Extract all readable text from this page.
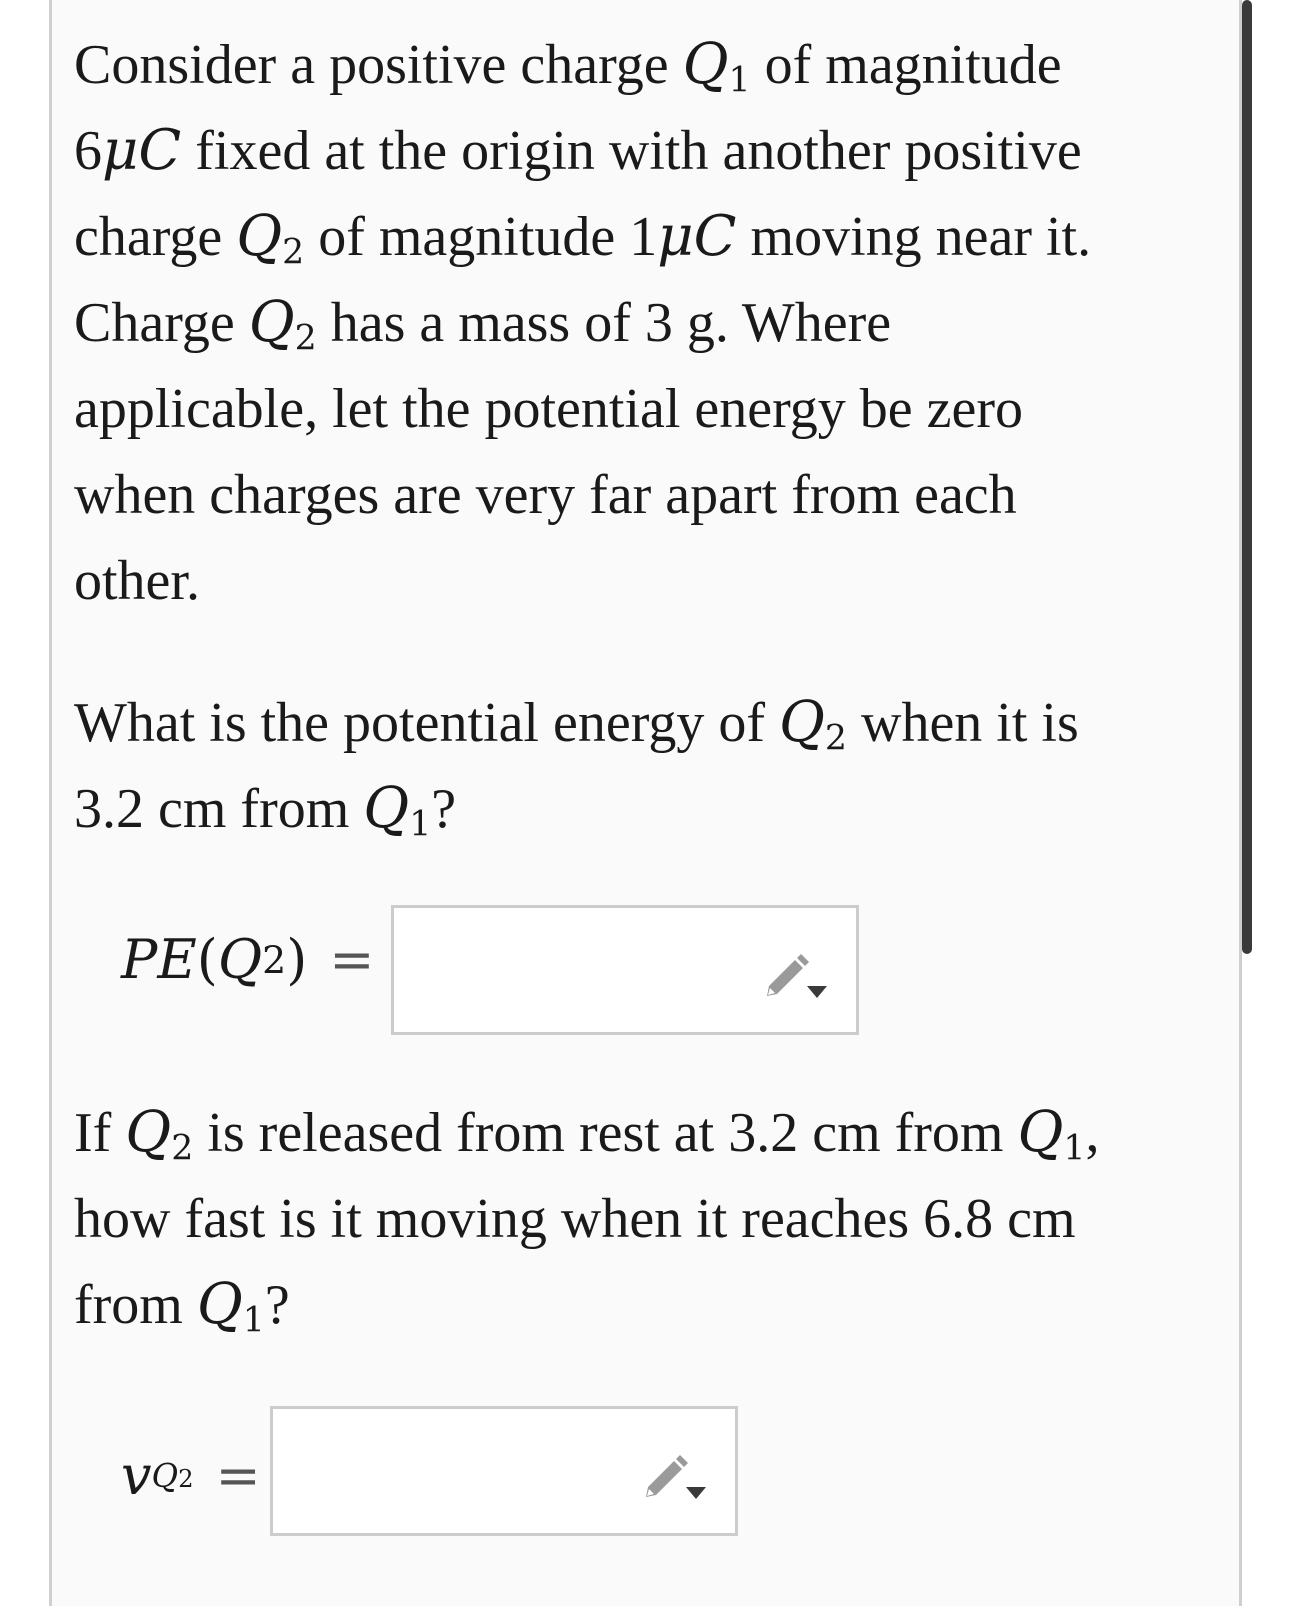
Consider a positive charge $Q_1$ of magnitude 6μC fixed at the origin with another positive charge $Q_2$ of magnitude 1μC moving near it. Charge $Q_2$ has a mass of 3 g. Where applicable, let the potential energy be zero when charges are very far apart from each other.

What is the potential energy of $Q_2$ when it is 3.2 cm from $Q_1$?

If $Q_2$ is released from rest at 3.2 cm from $Q_1$, how fast is it moving when it reaches 6.8 cm from $Q_1$?

PE ( Q 2 ) =
v Q2 =
